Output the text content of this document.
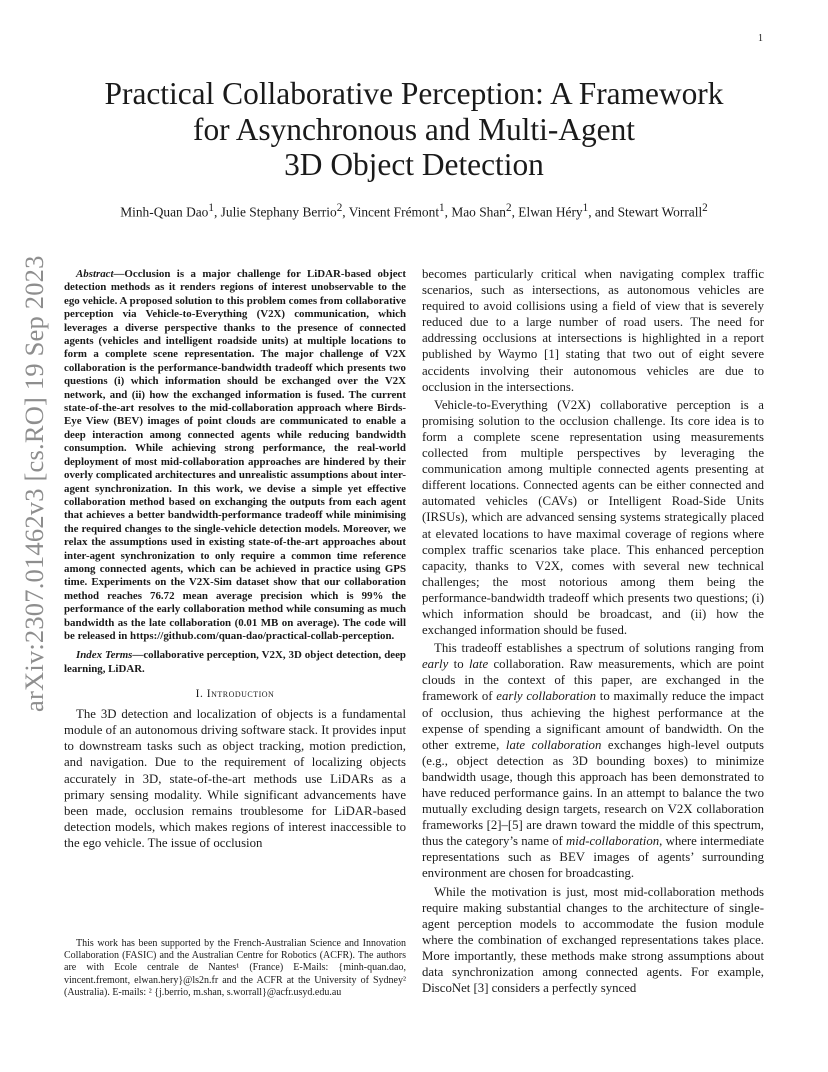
1
arXiv:2307.01462v3 [cs.RO] 19 Sep 2023
Practical Collaborative Perception: A Framework
for Asynchronous and Multi-Agent
3D Object Detection
Minh-Quan Dao$^1$, Julie Stephany Berrio$^2$, Vincent Frémont$^1$, Mao Shan$^2$, Elwan Héry$^1$, and Stewart Worrall$^2$

Abstract—Occlusion is a major challenge for LiDAR-based object detection methods as it renders regions of interest unobservable to the ego vehicle. A proposed solution to this problem comes from collaborative perception via Vehicle-to-Everything (V2X) communication, which leverages a diverse perspective thanks to the presence of connected agents (vehicles and intelligent roadside units) at multiple locations to form a complete scene representation. The major challenge of V2X collaboration is the performance-bandwidth tradeoff which presents two questions (i) which information should be exchanged over the V2X network, and (ii) how the exchanged information is fused. The current state-of-the-art resolves to the mid-collaboration approach where Birds-Eye View (BEV) images of point clouds are communicated to enable a deep interaction among connected agents while reducing bandwidth consumption. While achieving strong performance, the real-world deployment of most mid-collaboration approaches are hindered by their overly complicated architectures and unrealistic assumptions about inter-agent synchronization. In this work, we devise a simple yet effective collaboration method based on exchanging the outputs from each agent that achieves a better bandwidth-performance tradeoff while minimising the required changes to the single-vehicle detection models. Moreover, we relax the assumptions used in existing state-of-the-art approaches about inter-agent synchronization to only require a common time reference among connected agents, which can be achieved in practice using GPS time. Experiments on the V2X-Sim dataset show that our collaboration method reaches 76.72 mean average precision which is 99% the performance of the early collaboration method while consuming as much bandwidth as the late collaboration (0.01 MB on average). The code will be released in https://github.com/quan-dao/practical-collab-perception.

Index Terms—collaborative perception, V2X, 3D object detection, deep learning, LiDAR.

I. Introduction

The 3D detection and localization of objects is a fundamental module of an autonomous driving software stack. It provides input to downstream tasks such as object tracking, motion prediction, and navigation. Due to the requirement of localizing objects accurately in 3D, state-of-the-art methods use LiDARs as a primary sensing modality. While significant advancements have been made, occlusion remains troublesome for LiDAR-based detection models, which makes regions of interest inaccessible to the ego vehicle. The issue of occlusion

This work has been supported by the French-Australian Science and Innovation Collaboration (FASIC) and the Australian Centre for Robotics (ACFR). The authors are with Ecole centrale de Nantes¹ (France) E-Mails: {minh-quan.dao, vincent.fremont, elwan.hery}@ls2n.fr and the ACFR at the University of Sydney² (Australia). E-mails: ² {j.berrio, m.shan, s.worrall}@acfr.usyd.edu.au

becomes particularly critical when navigating complex traffic scenarios, such as intersections, as autonomous vehicles are required to avoid collisions using a field of view that is severely reduced due to a large number of road users. The need for addressing occlusions at intersections is highlighted in a report published by Waymo [1] stating that two out of eight severe accidents involving their autonomous vehicles are due to occlusion in the intersections.

Vehicle-to-Everything (V2X) collaborative perception is a promising solution to the occlusion challenge. Its core idea is to form a complete scene representation using measurements collected from multiple perspectives by leveraging the communication among multiple connected agents presenting at different locations. Connected agents can be either connected and automated vehicles (CAVs) or Intelligent Road-Side Units (IRSUs), which are advanced sensing systems strategically placed at elevated locations to have maximal coverage of regions where complex traffic scenarios take place. This enhanced perception capacity, thanks to V2X, comes with several new technical challenges; the most notorious among them being the performance-bandwidth tradeoff which presents two questions; (i) which information should be broadcast, and (ii) how the exchanged information should be fused.

This tradeoff establishes a spectrum of solutions ranging from early to late collaboration. Raw measurements, which are point clouds in the context of this paper, are exchanged in the framework of early collaboration to maximally reduce the impact of occlusion, thus achieving the highest performance at the expense of spending a significant amount of bandwidth. On the other extreme, late collaboration exchanges high-level outputs (e.g., object detection as 3D bounding boxes) to minimize bandwidth usage, though this approach has been demonstrated to have reduced performance gains. In an attempt to balance the two mutually excluding design targets, research on V2X collaboration frameworks [2]–[5] are drawn toward the middle of this spectrum, thus the category’s name of mid-collaboration, where intermediate representations such as BEV images of agents’ surrounding environment are chosen for broadcasting.

While the motivation is just, most mid-collaboration methods require making substantial changes to the architecture of single-agent perception models to accommodate the fusion module where the combination of exchanged representations takes place. More importantly, these methods make strong assumptions about data synchronization among connected agents. For example, DiscoNet [3] considers a perfectly synced
